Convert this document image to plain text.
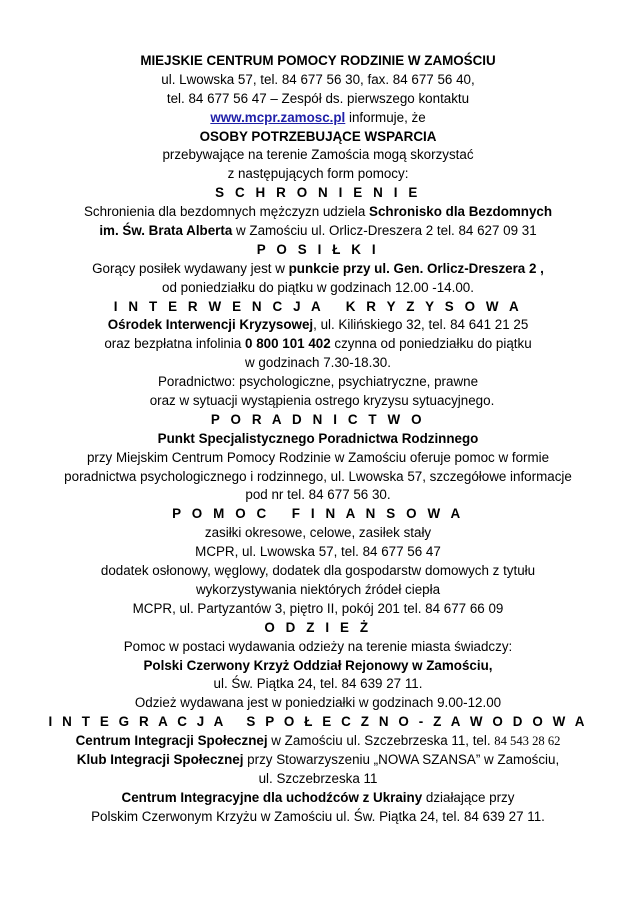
MIEJSKIE CENTRUM POMOCY RODZINIE W ZAMOŚCIU
ul. Lwowska 57, tel. 84 677 56 30, fax. 84 677 56 40,
tel. 84 677 56 47 – Zespół ds. pierwszego kontaktu
www.mcpr.zamosc.pl informuje, że
OSOBY POTRZEBUJĄCE WSPARCIA
przebywające na terenie Zamościa mogą skorzystać
z następujących form pomocy:
S C H R O N I E N I E
Schronienia dla bezdomnych mężczyzn udziela Schronisko dla Bezdomnych
im. Św. Brata Alberta w Zamościu ul. Orlicz-Dreszera 2 tel. 84 627 09 31
P O S I Ł K I
Gorący posiłek wydawany jest w punkcie przy ul. Gen. Orlicz-Dreszera 2 ,
od poniedziałku do piątku w godzinach 12.00 -14.00.
I N T E R W E N C J A   K R Y Z Y S O W A
Ośrodek Interwencji Kryzysowej, ul. Kilińskiego 32, tel. 84 641 21 25
oraz bezpłatna infolinia 0 800 101 402 czynna od poniedziałku do piątku
w godzinach 7.30-18.30.
Poradnictwo: psychologiczne, psychiatryczne, prawne
oraz w sytuacji wystąpienia ostrego kryzysu sytuacyjnego.
P O R A D N I C T W O
Punkt Specjalistycznego Poradnictwa Rodzinnego
przy Miejskim Centrum Pomocy Rodzinie w Zamościu oferuje pomoc w formie
poradnictwa psychologicznego i rodzinnego, ul. Lwowska 57, szczegółowe informacje
pod nr tel. 84 677 56 30.
P O M O C   F I N A N S O W A
zasiłki okresowe, celowe, zasiłek stały
MCPR, ul. Lwowska 57, tel. 84 677 56 47
dodatek osłonowy, węglowy, dodatek dla gospodarstw domowych z tytułu
wykorzystywania niektórych źródeł ciepła
MCPR, ul. Partyzantów 3, piętro II, pokój 201 tel. 84 677 66 09
O D Z I E Ż
Pomoc w postaci wydawania odzieży na terenie miasta świadczy:
Polski Czerwony Krzyż Oddział Rejonowy w Zamościu,
ul. Św. Piątka 24, tel. 84 639 27 11.
Odzież wydawana jest w poniedziałki w godzinach 9.00-12.00
I N T E G R A C J A   S P O Ł E C Z N O - Z A W O D O W A
Centrum Integracji Społecznej w Zamościu ul. Szczebrzeska 11, tel. 84 543 28 62
Klub Integracji Społecznej przy Stowarzyszeniu „NOWA SZANSA” w Zamościu,
ul. Szczebrzeska 11
Centrum Integracyjne dla uchodźców z Ukrainy działające przy
Polskim Czerwonym Krzyżu w Zamościu ul. Św. Piątka 24, tel. 84 639 27 11.
